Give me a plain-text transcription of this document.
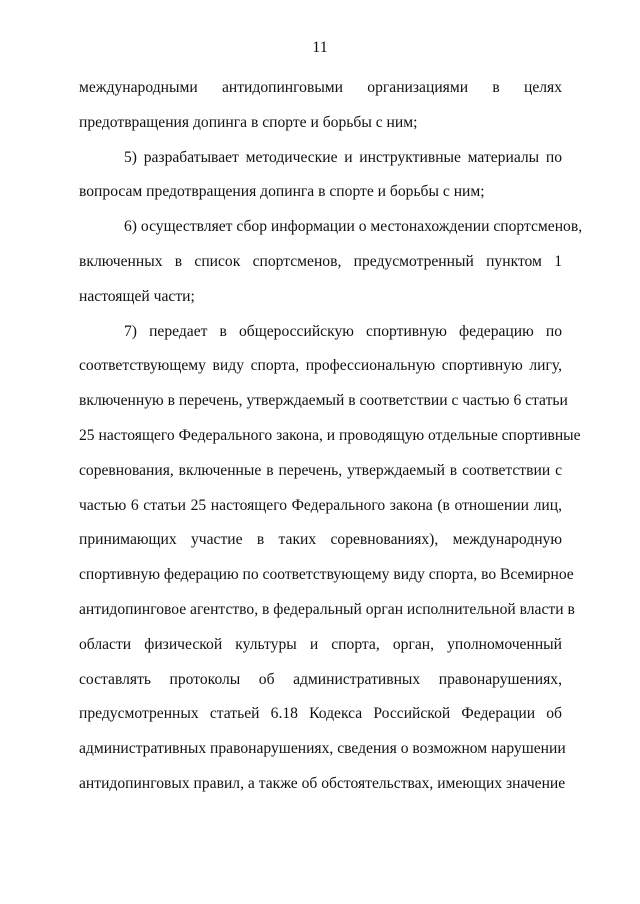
11
международными антидопинговыми организациями в целях
предотвращения допинга в спорте и борьбы с ним;
5) разрабатывает методические и инструктивные материалы по
вопросам предотвращения допинга в спорте и борьбы с ним;
6) осуществляет сбор информации о местонахождении спортсменов,
включенных в список спортсменов, предусмотренный пунктом 1
настоящей части;
7) передает в общероссийскую спортивную федерацию по
соответствующему виду спорта, профессиональную спортивную лигу,
включенную в перечень, утверждаемый в соответствии с частью 6 статьи
25 настоящего Федерального закона, и проводящую отдельные спортивные
соревнования, включенные в перечень, утверждаемый в соответствии с
частью 6 статьи 25 настоящего Федерального закона (в отношении лиц,
принимающих участие в таких соревнованиях), международную
спортивную федерацию по соответствующему виду спорта, во Всемирное
антидопинговое агентство, в федеральный орган исполнительной власти в
области физической культуры и спорта, орган, уполномоченный
составлять протоколы об административных правонарушениях,
предусмотренных статьей 6.18 Кодекса Российской Федерации об
административных правонарушениях, сведения о возможном нарушении
антидопинговых правил, а также об обстоятельствах, имеющих значение
